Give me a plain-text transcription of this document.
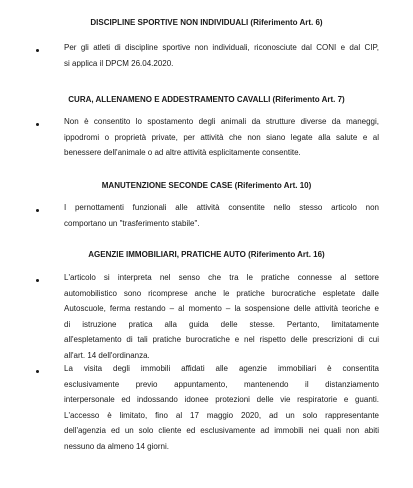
DISCIPLINE SPORTIVE NON INDIVIDUALI (Riferimento Art. 6)
Per gli atleti di discipline sportive non individuali, riconosciute dal CONI e dal CIP,
si applica il DPCM 26.04.2020.
CURA, ALLENAMENO E ADDESTRAMENTO CAVALLI (Riferimento Art. 7)
Non è consentito lo spostamento degli animali da strutture diverse da maneggi,
ippodromi o proprietà private, per attività che non siano legate alla salute e al
benessere dell'animale o ad altre attività esplicitamente consentite.
MANUTENZIONE SECONDE CASE (Riferimento Art. 10)
I pernottamenti funzionali alle attività consentite nello stesso articolo non
comportano un "trasferimento stabile".
AGENZIE IMMOBILIARI, PRATICHE AUTO (Riferimento Art. 16)
L'articolo si interpreta nel senso che tra le pratiche connesse al settore
automobilistico sono ricomprese anche le pratiche burocratiche espletate dalle
Autoscuole, ferma restando – al momento – la sospensione delle attività teoriche e
di istruzione pratica alla guida delle stesse. Pertanto, limitatamente
all'espletamento di tali pratiche burocratiche e nel rispetto delle prescrizioni di cui
all'art. 14 dell'ordinanza.
La visita degli immobili affidati alle agenzie immobiliari è consentita
esclusivamente previo appuntamento, mantenendo il distanziamento
interpersonale ed indossando idonee protezioni delle vie respiratorie e guanti.
L'accesso è limitato, fino al 17 maggio 2020, ad un solo rappresentante
dell'agenzia ed un solo cliente ed esclusivamente ad immobili nei quali non abiti
nessuno da almeno 14 giorni.
